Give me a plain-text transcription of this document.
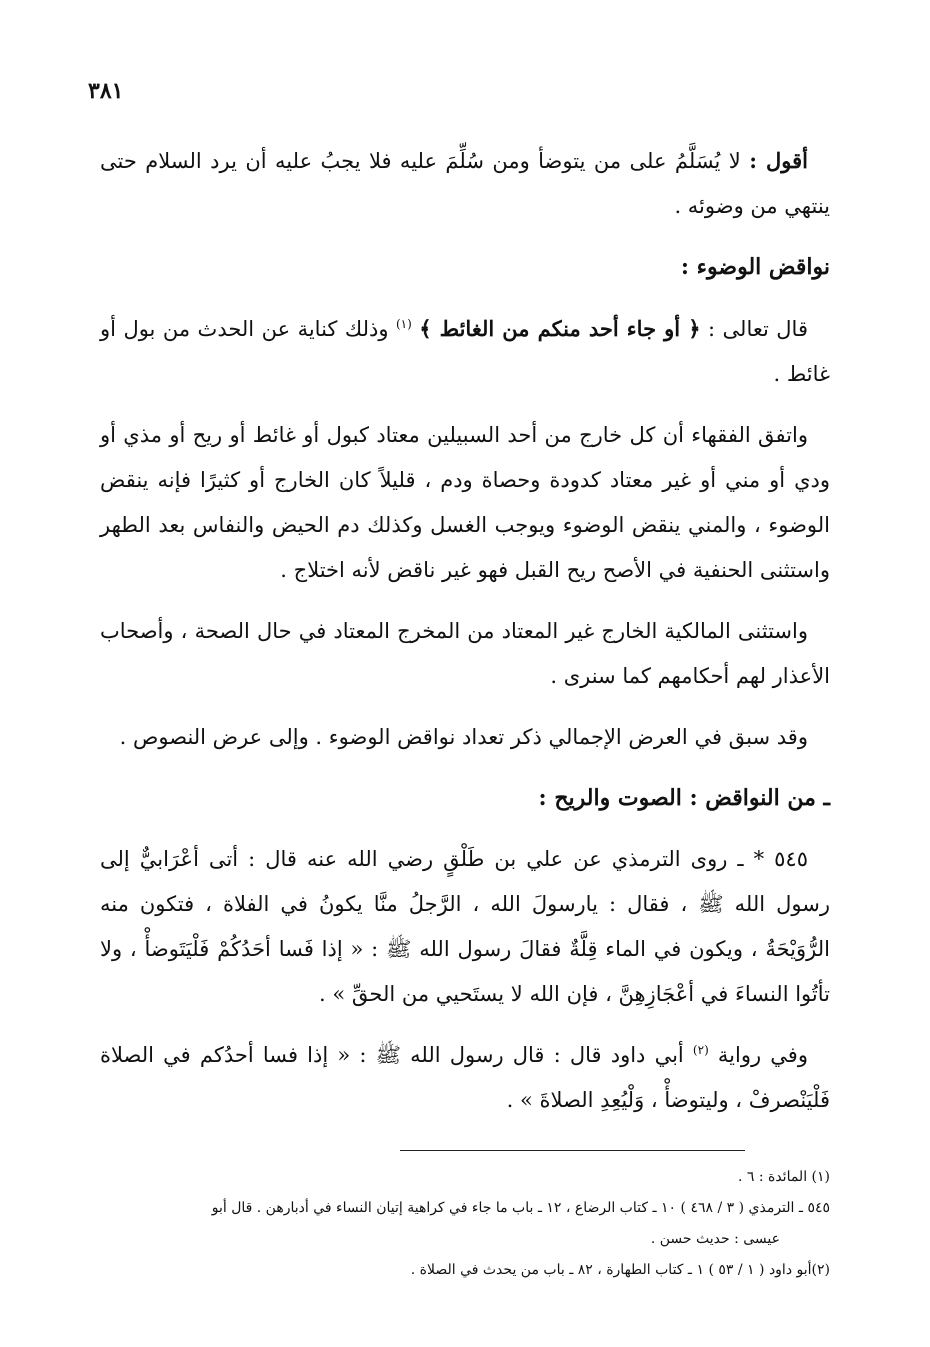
٣٨١

أقول : لا يُسَلَّمُ على من يتوضأ ومن سُلِّمَ عليه فلا يجبُ عليه أن يرد السلام حتى ينتهي من وضوئه .

نواقض الوضوء :

قال تعالى : ﴿ أو جاء أحد منكم من الغائط ﴾ $^{(١)}$ وذلك كناية عن الحدث من بول أو غائط .

واتفق الفقهاء أن كل خارج من أحد السبيلين معتاد كبول أو غائط أو ريح أو مذي أو ودي أو مني أو غير معتاد كدودة وحصاة ودم ، قليلاً كان الخارج أو كثيرًا فإنه ينقض الوضوء ، والمني ينقض الوضوء ويوجب الغسل وكذلك دم الحيض والنفاس بعد الطهر واستثنى الحنفية في الأصح ريح القبل فهو غير ناقض لأنه اختلاج .

واستثنى المالكية الخارج غير المعتاد من المخرج المعتاد في حال الصحة ، وأصحاب الأعذار لهم أحكامهم كما سنرى .

وقد سبق في العرض الإجمالي ذكر تعداد نواقض الوضوء . وإلى عرض النصوص .

ـ من النواقض : الصوت والريح :

٥٤٥ * ـ روى الترمذي عن علي بن طَلْقٍ رضي الله عنه قال : أتى أعْرَابيٌّ إلى رسول الله ﷺ ، فقال : يارسولَ الله ، الرَّجلُ منَّا يكونُ في الفلاة ، فتكون منه الرُّوَيْحَةُ ، ويكون في الماء قِلَّةٌ فقالَ رسول الله ﷺ : « إذا فَسا أحَدُكُمْ فَلْيَتَوضأْ ، ولا تأتُوا النساءَ في أعْجَازِهِنَّ ، فإن الله لا يستَحيي من الحقِّ » .

وفي رواية $^{(٢)}$ أبي داود قال : قال رسول الله ﷺ : « إذا فسا أحدُكم في الصلاة فَلْيَنْصرفْ ، وليتوضأْ ، وَلْيُعِدِ الصلاةَ » .

(١) المائدة : ٦ .

٥٤٥ ـ الترمذي ( ٣ / ٤٦٨ ) ١٠ ـ كتاب الرضاع ، ١٢ ـ باب ما جاء في كراهية إتيان النساء في أدبارهن . قال أبو

عيسى : حديث حسن .

(٢)أبو داود ( ١ / ٥٣ ) ١ ـ كتاب الطهارة ، ٨٢ ـ باب من يحدث في الصلاة .
